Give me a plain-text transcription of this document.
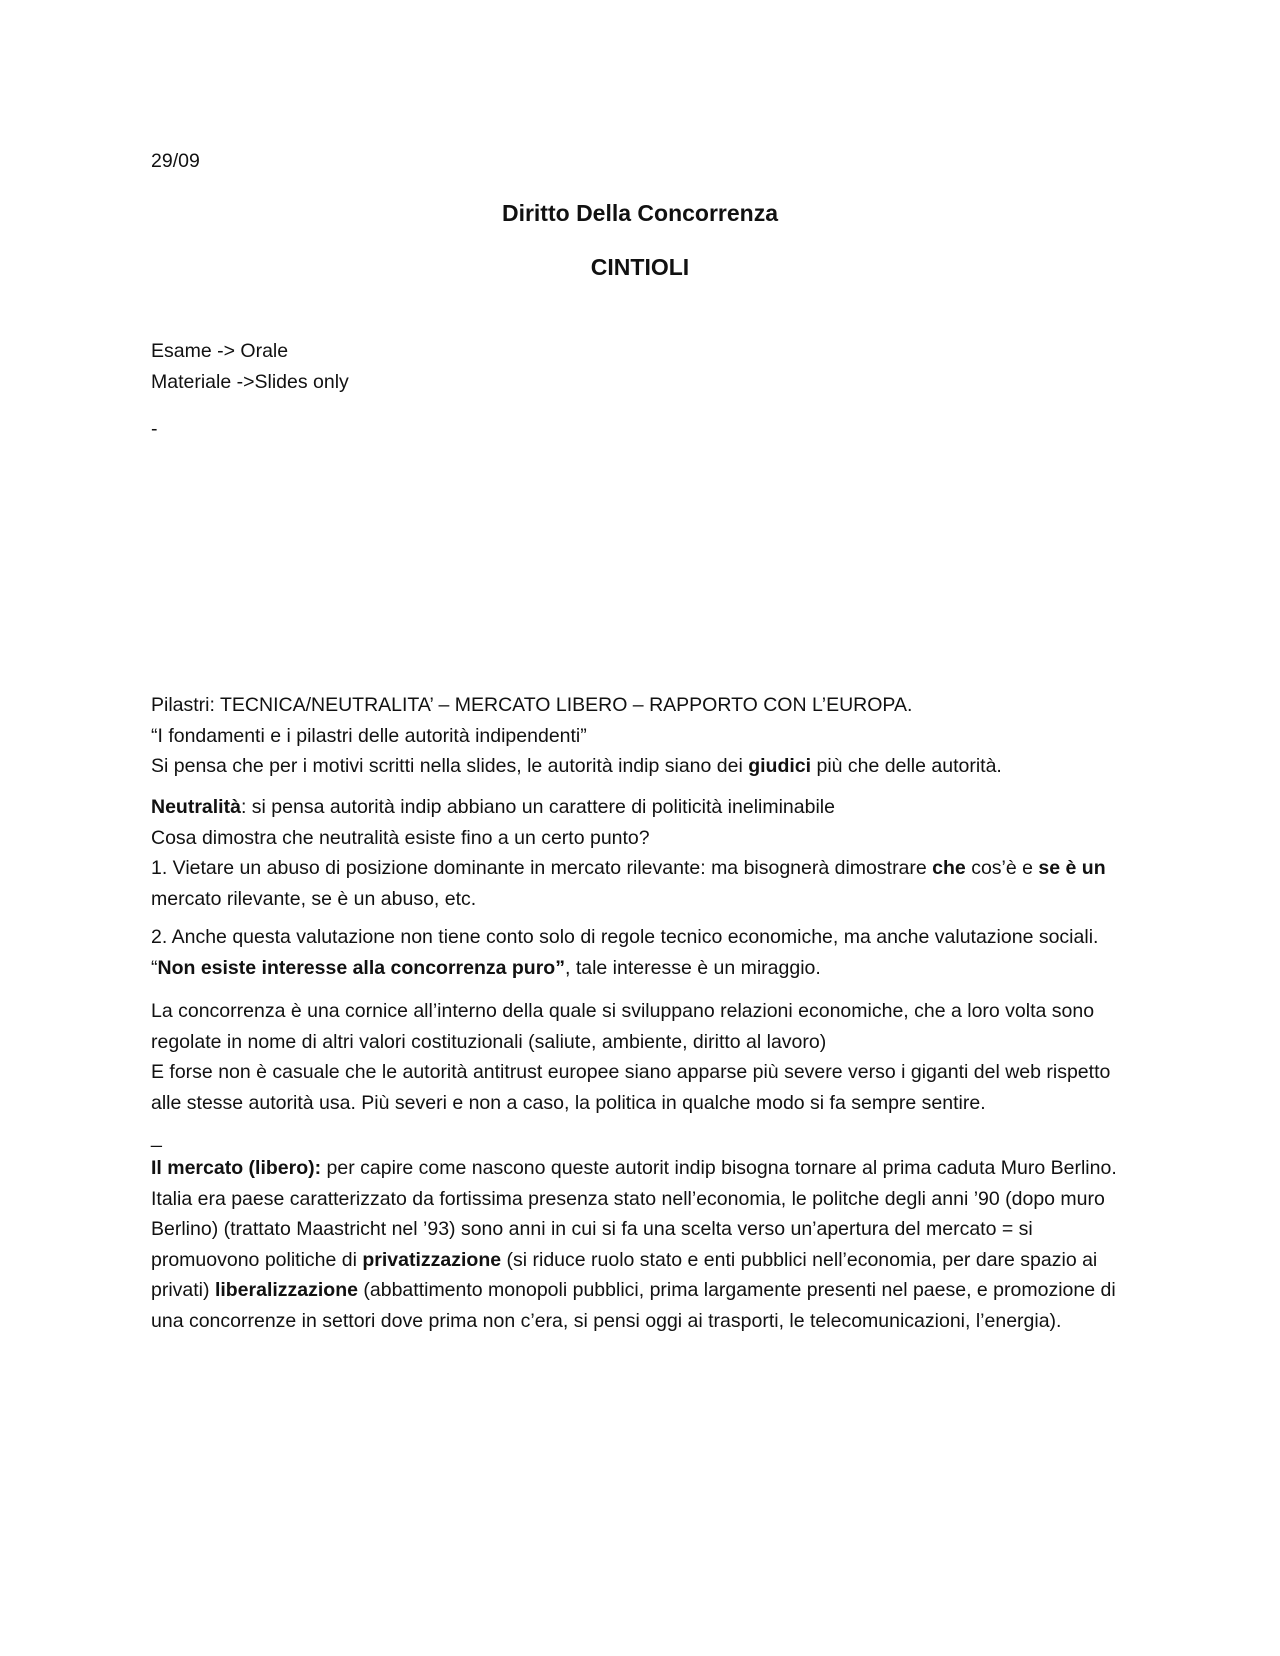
29/09
Diritto Della Concorrenza
CINTIOLI

Esame -> Orale

Materiale ->Slides only

-

Pilastri: TECNICA/NEUTRALITA’ – MERCATO LIBERO – RAPPORTO CON L’EUROPA.

“I fondamenti e i pilastri delle autorità indipendenti”

Si pensa che per i motivi scritti nella slides, le autorità indip siano dei giudici più che delle autorità.

Neutralità: si pensa autorità indip abbiano un carattere di politicità ineliminabile

Cosa dimostra che neutralità esiste fino a un certo punto?

1. Vietare un abuso di posizione dominante in mercato rilevante: ma bisognerà dimostrare che cos’è e se è un mercato rilevante, se è un abuso, etc.

2. Anche questa valutazione non tiene conto solo di regole tecnico economiche, ma anche valutazione sociali. “Non esiste interesse alla concorrenza puro”, tale interesse è un miraggio.

La concorrenza è una cornice all’interno della quale si sviluppano relazioni economiche, che a loro volta sono regolate in nome di altri valori costituzionali (saliute, ambiente, diritto al lavoro)

E forse non è casuale che le autorità antitrust europee siano apparse più severe verso i giganti del web rispetto alle stesse autorità usa. Più severi e non a caso, la politica in qualche modo si fa sempre sentire.

_

Il mercato (libero): per capire come nascono queste autorit indip bisogna tornare al prima caduta Muro Berlino.

Italia era paese caratterizzato da fortissima presenza stato nell’economia, le politche degli anni ’90 (dopo muro Berlino) (trattato Maastricht nel ’93) sono anni in cui si fa una scelta verso un’apertura del mercato = si promuovono politiche di privatizzazione (si riduce ruolo stato e enti pubblici nell’economia, per dare spazio ai privati) liberalizzazione (abbattimento monopoli pubblici, prima largamente presenti nel paese, e promozione di una concorrenze in settori dove prima non c’era, si pensi oggi ai trasporti, le telecomunicazioni, l’energia).
